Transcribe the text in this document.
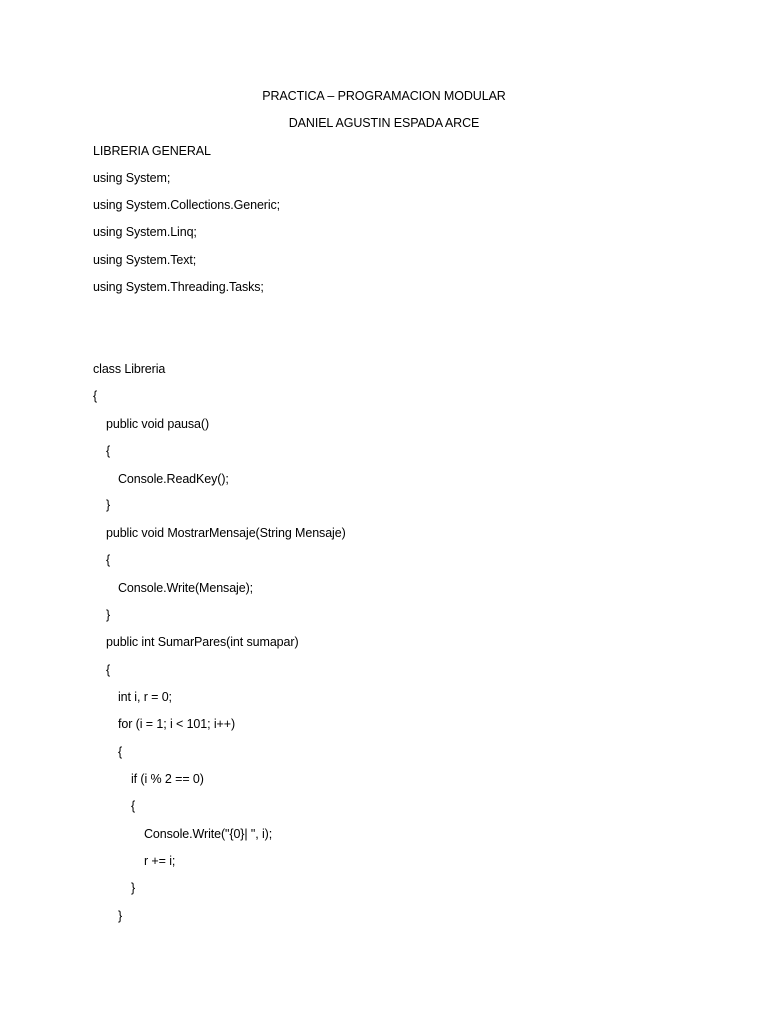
PRACTICA – PROGRAMACION MODULAR
DANIEL AGUSTIN ESPADA ARCE
LIBRERIA GENERAL
using System;
using System.Collections.Generic;
using System.Linq;
using System.Text;
using System.Threading.Tasks;
class Libreria
{
public void pausa()
{
Console.ReadKey();
}
public void MostrarMensaje(String Mensaje)
{
Console.Write(Mensaje);
}
public int SumarPares(int sumapar)
{
int i, r = 0;
for (i = 1; i < 101; i++)
{
if (i % 2 == 0)
{
Console.Write("{0}| ", i);
r += i;
}
}
